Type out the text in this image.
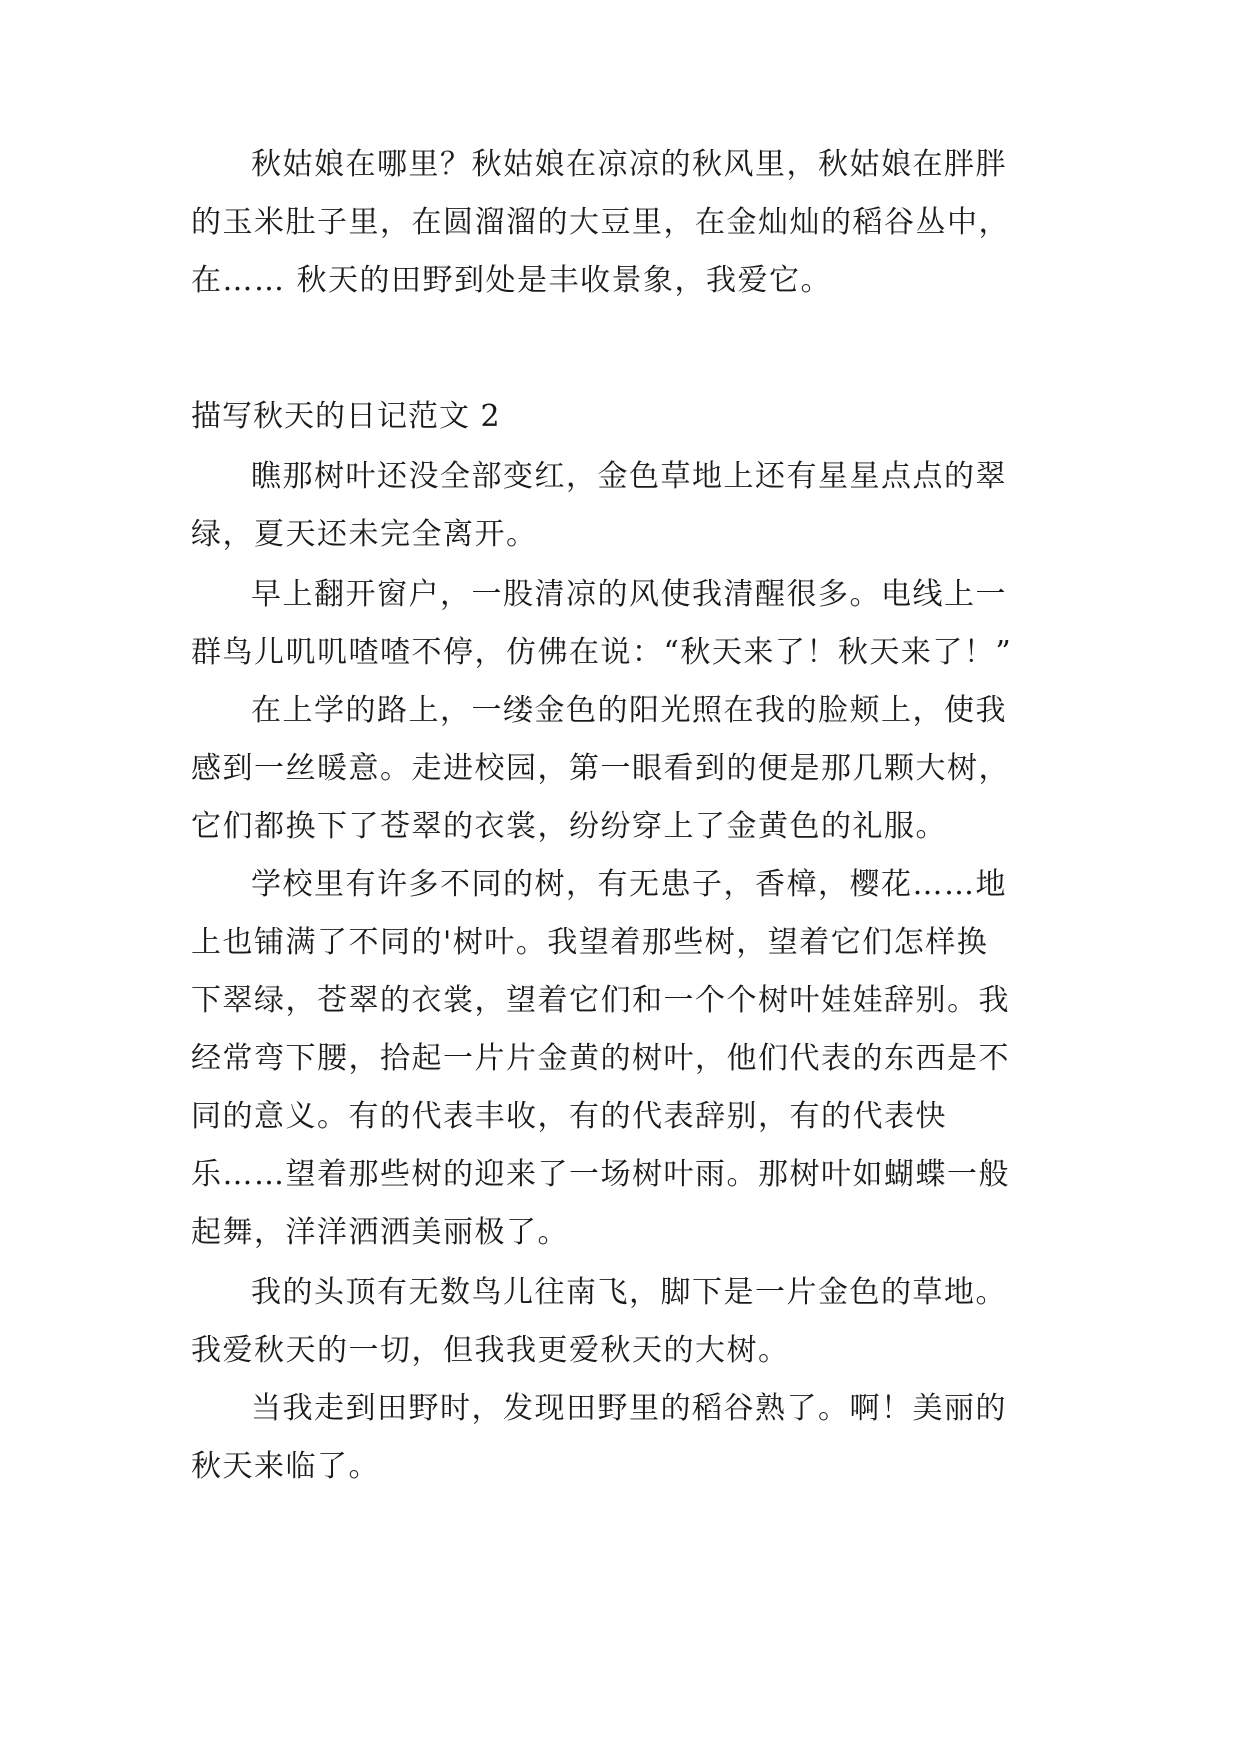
秋姑娘在哪里？秋姑娘在凉凉的秋风里，秋姑娘在胖胖
的玉米肚子里，在圆溜溜的大豆里，在金灿灿的稻谷丛中，
在…… 秋天的田野到处是丰收景象，我爱它。
描写秋天的日记范文 2
瞧那树叶还没全部变红，金色草地上还有星星点点的翠
绿，夏天还未完全离开。
早上翻开窗户，一股清凉的风使我清醒很多。电线上一
群鸟儿叽叽喳喳不停，仿佛在说：“秋天来了！秋天来了！”
在上学的路上，一缕金色的阳光照在我的脸颊上，使我
感到一丝暖意。走进校园，第一眼看到的便是那几颗大树，
它们都换下了苍翠的衣裳，纷纷穿上了金黄色的礼服。
学校里有许多不同的树，有无患子，香樟，樱花……地
上也铺满了不同的'树叶。我望着那些树，望着它们怎样换
下翠绿，苍翠的衣裳，望着它们和一个个树叶娃娃辞别。我
经常弯下腰，拾起一片片金黄的树叶，他们代表的东西是不
同的意义。有的代表丰收，有的代表辞别，有的代表快
乐……望着那些树的迎来了一场树叶雨。那树叶如蝴蝶一般
起舞，洋洋洒洒美丽极了。
我的头顶有无数鸟儿往南飞，脚下是一片金色的草地。
我爱秋天的一切，但我我更爱秋天的大树。
当我走到田野时，发现田野里的稻谷熟了。啊！美丽的
秋天来临了。
